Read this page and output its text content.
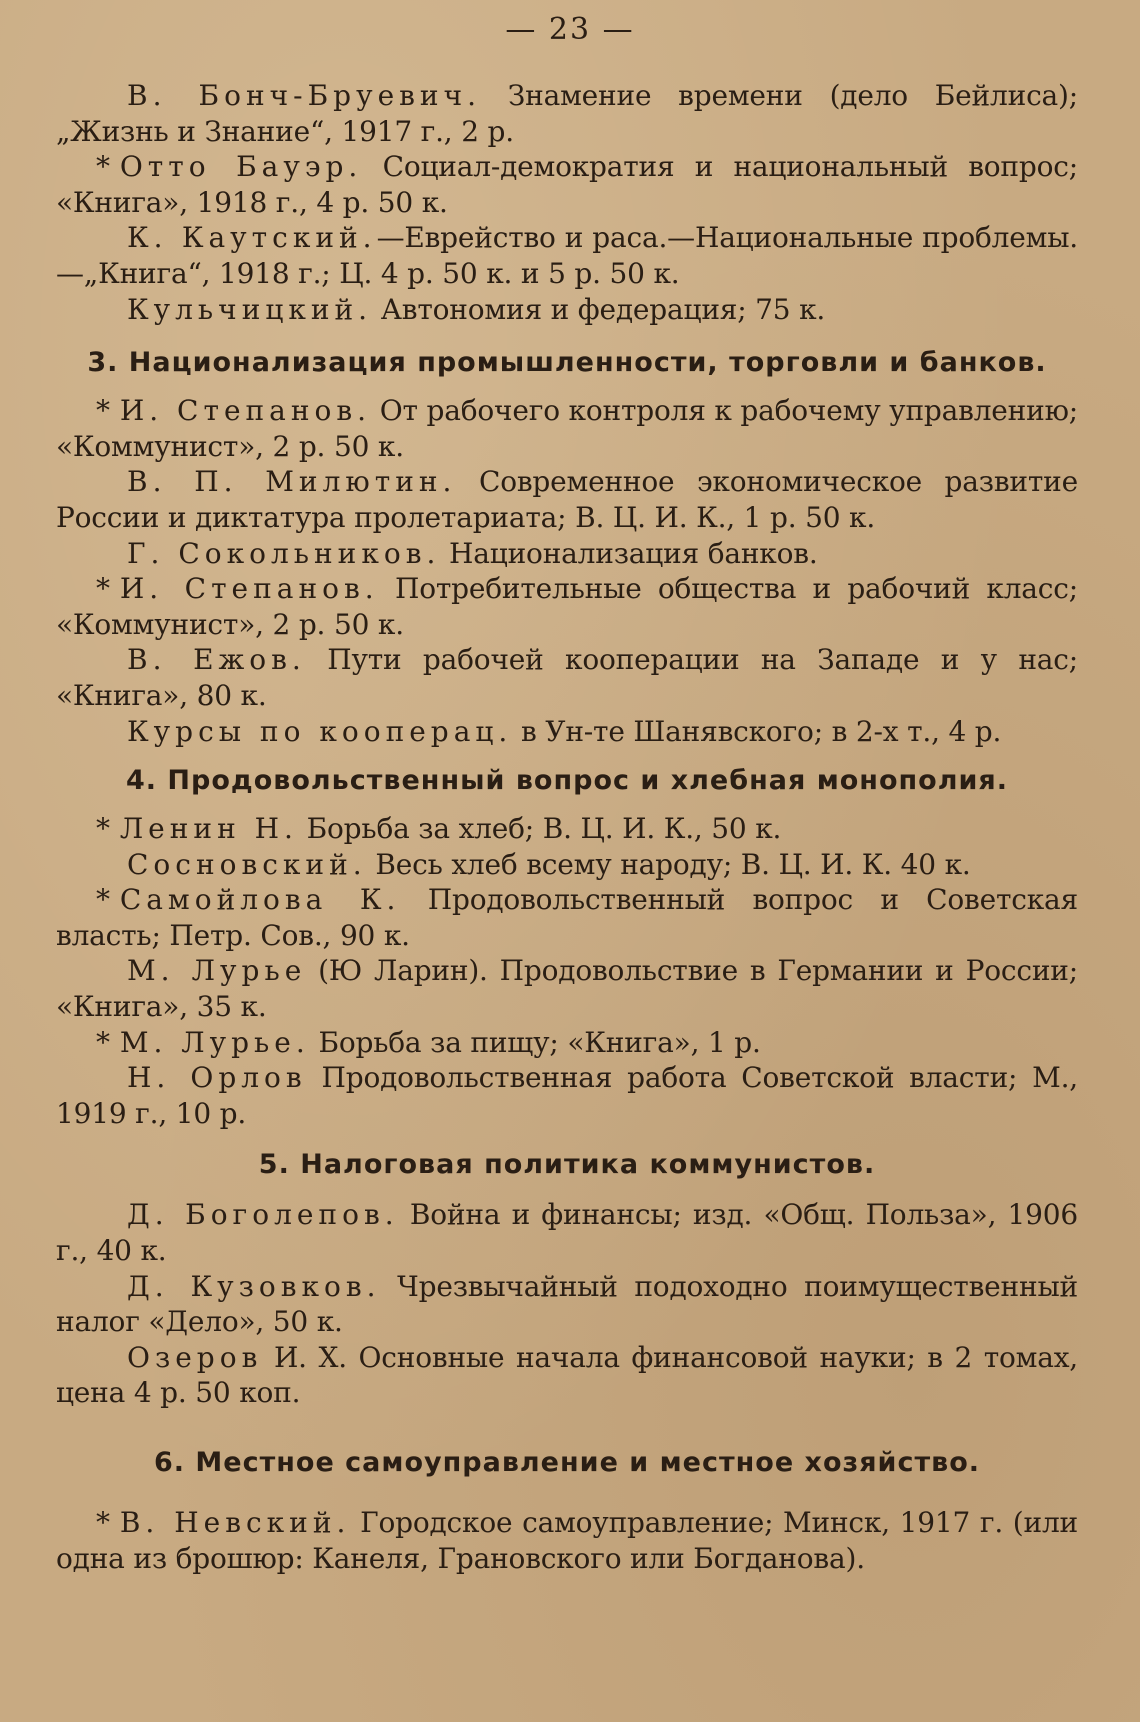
— 23 —

В. Бонч-Бруевич. Знамение времени (дело Бейлиса); „Жизнь и Знание“, 1917 г., 2 р.

* Отто Бауэр. Социал-демократия и национальный вопрос; «Книга», 1918 г., 4 р. 50 к.

К. Каутский.—Еврейство и раса.—Национальные проблемы.—„Книга“, 1918 г.; Ц. 4 р. 50 к. и 5 р. 50 к.

Кульчицкий. Автономия и федерация; 75 к.

3. Национализация промышленности, торговли и банков.

* И. Степанов. От рабочего контроля к рабочему управлению; «Коммунист», 2 р. 50 к.

В. П. Милютин. Современное экономическое развитие России и диктатура пролетариата; В. Ц. И. К., 1 р. 50 к.

Г. Сокольников. Национализация банков.

* И. Степанов. Потребительные общества и рабочий класс; «Коммунист», 2 р. 50 к.

В. Ежов. Пути рабочей кооперации на Западе и у нас; «Книга», 80 к.

Курсы по кооперац. в Ун-те Шанявского; в 2-х т., 4 р.

4. Продовольственный вопрос и хлебная монополия.

* Ленин Н. Борьба за хлеб; В. Ц. И. К., 50 к.

Сосновский. Весь хлеб всему народу; В. Ц. И. К. 40 к.

* Самойлова К. Продовольственный вопрос и Советская власть; Петр. Сов., 90 к.

М. Лурье (Ю Ларин). Продовольствие в Германии и России; «Книга», 35 к.

* М. Лурье. Борьба за пищу; «Книга», 1 р.

Н. Орлов Продовольственная работа Советской власти; М., 1919 г., 10 р.

5. Налоговая политика коммунистов.

Д. Боголепов. Война и финансы; изд. «Общ. Польза», 1906 г., 40 к.

Д. Кузовков. Чрезвычайный подоходно поимущественный налог «Дело», 50 к.

Озеров И. Х. Основные начала финансовой науки; в 2 томах, цена 4 р. 50 коп.

6. Местное самоуправление и местное хозяйство.

* В. Невский. Городское самоуправление; Минск, 1917 г. (или одна из брошюр: Канеля, Грановского или Богданова).
